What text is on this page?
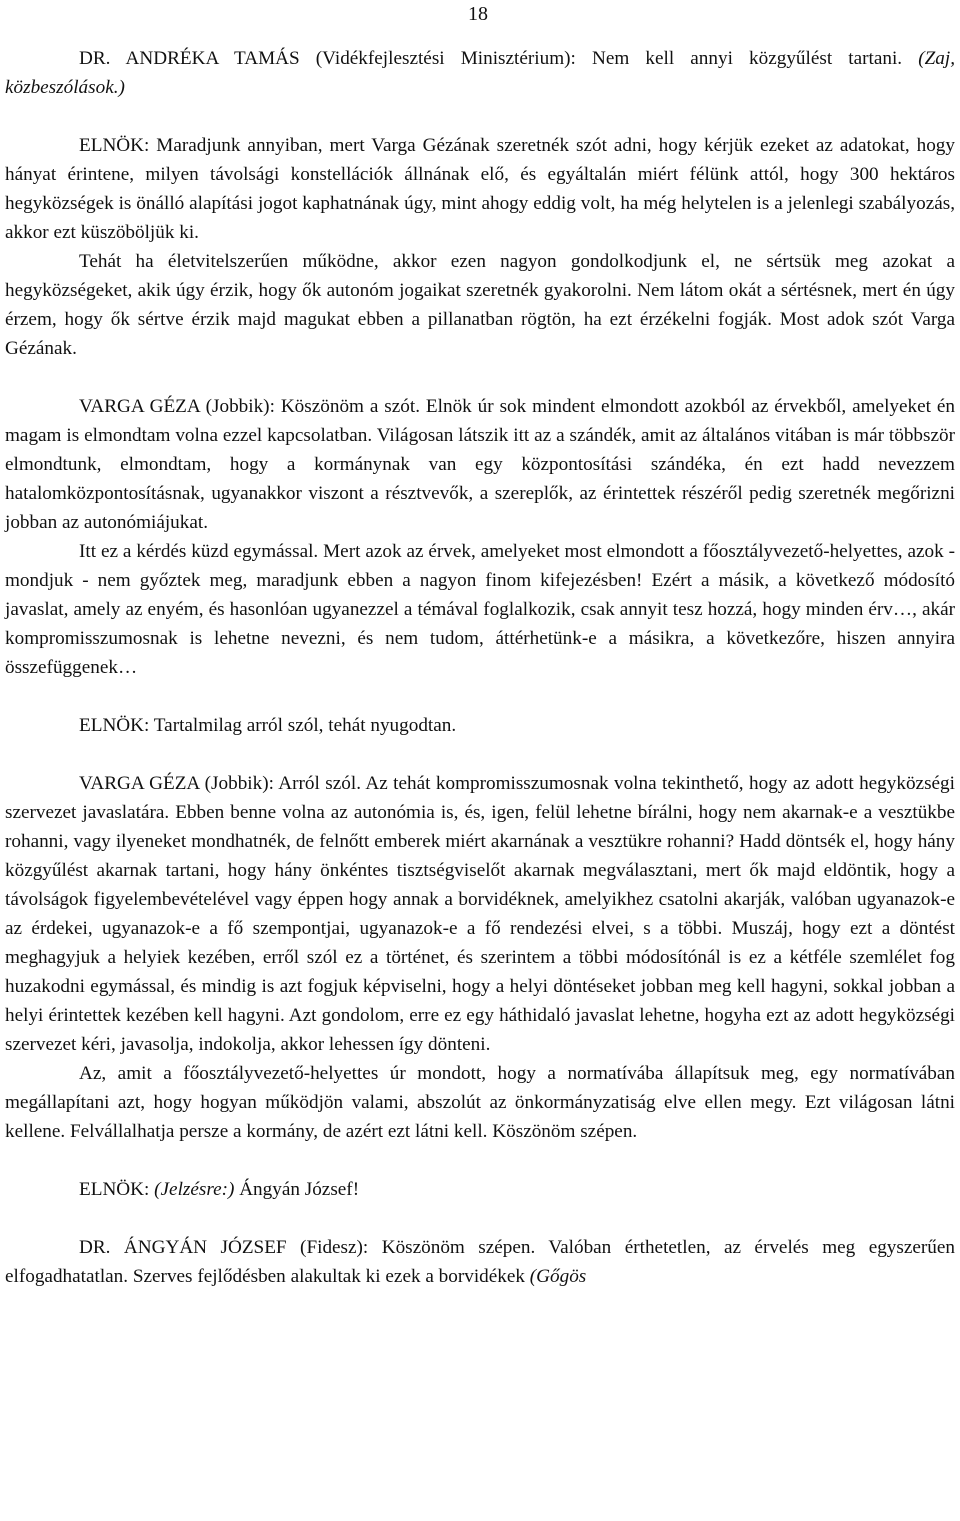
18

DR. ANDRÉKA TAMÁS (Vidékfejlesztési Minisztérium): Nem kell annyi közgyűlést tartani. (Zaj, közbeszólások.)

ELNÖK: Maradjunk annyiban, mert Varga Gézának szeretnék szót adni, hogy kérjük ezeket az adatokat, hogy hányat érintene, milyen távolsági konstellációk állnának elő, és egyáltalán miért félünk attól, hogy 300 hektáros hegyközségek is önálló alapítási jogot kaphatnának úgy, mint ahogy eddig volt, ha még helytelen is a jelenlegi szabályozás, akkor ezt küszöböljük ki.

Tehát ha életvitelszerűen működne, akkor ezen nagyon gondolkodjunk el, ne sértsük meg azokat a hegyközségeket, akik úgy érzik, hogy ők autonóm jogaikat szeretnék gyakorolni. Nem látom okát a sértésnek, mert én úgy érzem, hogy ők sértve érzik majd magukat ebben a pillanatban rögtön, ha ezt érzékelni fogják. Most adok szót Varga Gézának.

VARGA GÉZA (Jobbik): Köszönöm a szót. Elnök úr sok mindent elmondott azokból az érvekből, amelyeket én magam is elmondtam volna ezzel kapcsolatban. Világosan látszik itt az a szándék, amit az általános vitában is már többször elmondtunk, elmondtam, hogy a kormánynak van egy központosítási szándéka, én ezt hadd nevezzem hatalomközpontosításnak, ugyanakkor viszont a résztvevők, a szereplők, az érintettek részéről pedig szeretnék megőrizni jobban az autonómiájukat.

Itt ez a kérdés küzd egymással. Mert azok az érvek, amelyeket most elmondott a főosztályvezető-helyettes, azok - mondjuk - nem győztek meg, maradjunk ebben a nagyon finom kifejezésben! Ezért a másik, a következő módosító javaslat, amely az enyém, és hasonlóan ugyanezzel a témával foglalkozik, csak annyit tesz hozzá, hogy minden érv…, akár kompromisszumosnak is lehetne nevezni, és nem tudom, áttérhetünk-e a másikra, a következőre, hiszen annyira összefüggenek…

ELNÖK: Tartalmilag arról szól, tehát nyugodtan.

VARGA GÉZA (Jobbik): Arról szól. Az tehát kompromisszumosnak volna tekinthető, hogy az adott hegyközségi szervezet javaslatára. Ebben benne volna az autonómia is, és, igen, felül lehetne bírálni, hogy nem akarnak-e a vesztükbe rohanni, vagy ilyeneket mondhatnék, de felnőtt emberek miért akarnának a vesztükre rohanni? Hadd döntsék el, hogy hány közgyűlést akarnak tartani, hogy hány önkéntes tisztségviselőt akarnak megválasztani, mert ők majd eldöntik, hogy a távolságok figyelembevételével vagy éppen hogy annak a borvidéknek, amelyikhez csatolni akarják, valóban ugyanazok-e az érdekei, ugyanazok-e a fő szempontjai, ugyanazok-e a fő rendezési elvei, s a többi. Muszáj, hogy ezt a döntést meghagyjuk a helyiek kezében, erről szól ez a történet, és szerintem a többi módosítónál is ez a kétféle szemlélet fog huzakodni egymással, és mindig is azt fogjuk képviselni, hogy a helyi döntéseket jobban meg kell hagyni, sokkal jobban a helyi érintettek kezében kell hagyni. Azt gondolom, erre ez egy háthidaló javaslat lehetne, hogyha ezt az adott hegyközségi szervezet kéri, javasolja, indokolja, akkor lehessen így dönteni.

Az, amit a főosztályvezető-helyettes úr mondott, hogy a normatívába állapítsuk meg, egy normatívában megállapítani azt, hogy hogyan működjön valami, abszolút az önkormányzatiság elve ellen megy. Ezt világosan látni kellene. Felvállalhatja persze a kormány, de azért ezt látni kell. Köszönöm szépen.

ELNÖK: (Jelzésre:) Ángyán József!

DR. ÁNGYÁN JÓZSEF (Fidesz): Köszönöm szépen. Valóban érthetetlen, az érvelés meg egyszerűen elfogadhatatlan. Szerves fejlődésben alakultak ki ezek a borvidékek (Gőgös
